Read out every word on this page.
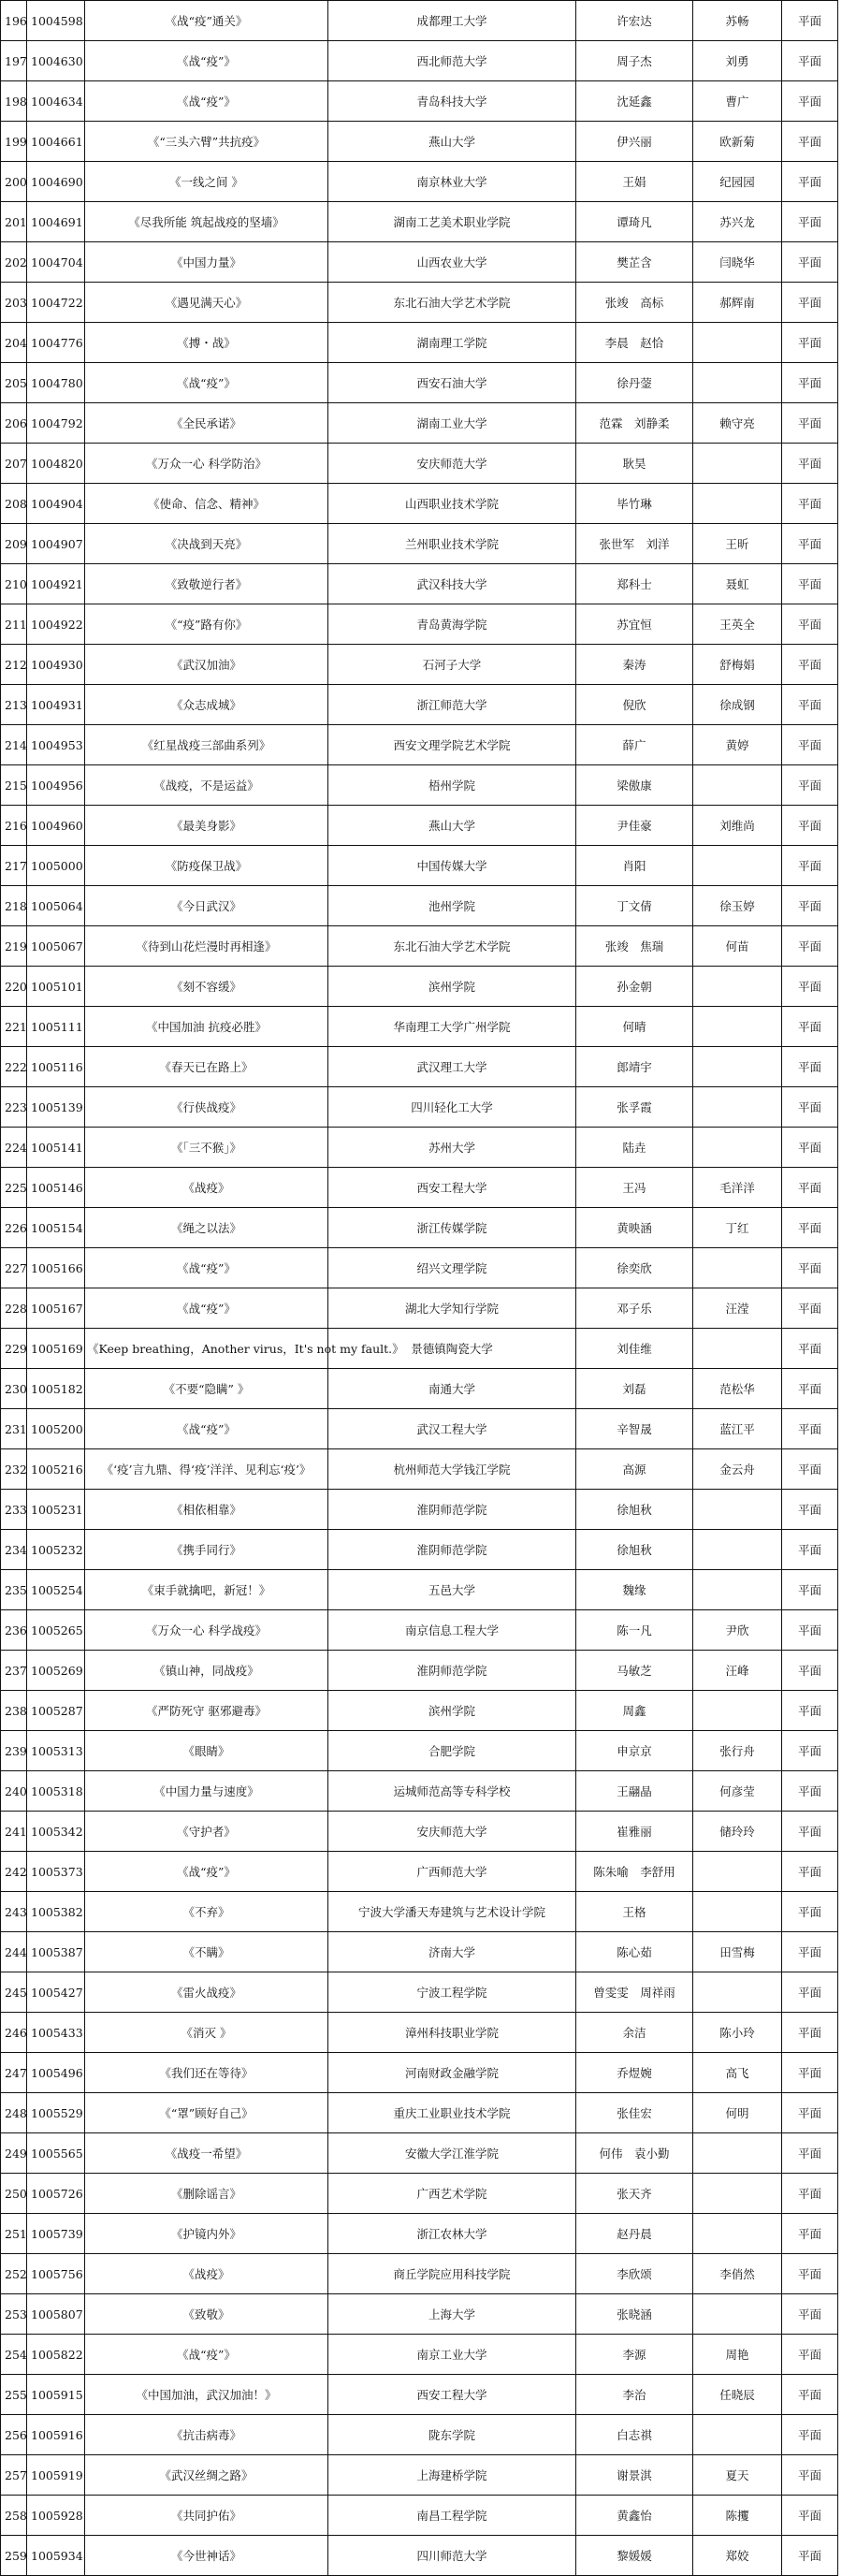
196	1004598	《战“疫”通关》	成都理工大学	许宏达	苏畅	平面
197	1004630	《战“疫”》	西北师范大学	周子杰	刘勇	平面
198	1004634	《战“疫”》	青岛科技大学	沈延鑫	曹广	平面
199	1004661	《“三头六臂”共抗疫》	燕山大学	伊兴丽	欧新菊	平面
200	1004690	《一线之间 》	南京林业大学	王娟	纪园园	平面
201	1004691	《尽我所能 筑起战疫的坚墙》	湖南工艺美术职业学院	谭琦凡	苏兴龙	平面
202	1004704	《中国力量》	山西农业大学	樊芷含	闫晓华	平面
203	1004722	《遇见满天心》	东北石油大学艺术学院	张竣　高标	郝辉南	平面
204	1004776	《搏・战》	湖南理工学院	李晨　赵恰		平面
205	1004780	《战“疫”》	西安石油大学	徐丹蓥		平面
206	1004792	《全民承诺》	湖南工业大学	范霖　刘静柔	赖守亮	平面
207	1004820	《万众一心 科学防治》	安庆师范大学	耿昊		平面
208	1004904	《使命、信念、精神》	山西职业技术学院	毕竹琳		平面
209	1004907	《决战到天亮》	兰州职业技术学院	张世军　刘洋	王昕	平面
210	1004921	《致敬逆行者》	武汉科技大学	郑科士	聂虹	平面
211	1004922	《“疫”路有你》	青岛黄海学院	苏宜恒	王英全	平面
212	1004930	《武汉加油》	石河子大学	秦涛	舒梅娟	平面
213	1004931	《众志成城》	浙江师范大学	倪欣	徐成钢	平面
214	1004953	《红星战疫三部曲系列》	西安文理学院艺术学院	薛广	黄婷	平面
215	1004956	《战疫，不是运益》	梧州学院	梁傲康		平面
216	1004960	《最美身影》	燕山大学	尹佳豪	刘维尚	平面
217	1005000	《防疫保卫战》	中国传媒大学	肖阳		平面
218	1005064	《今日武汉》	池州学院	丁文倩	徐玉婷	平面
219	1005067	《待到山花烂漫时再相逢》	东北石油大学艺术学院	张竣　焦瑞	何苗	平面
220	1005101	《刻不容缓》	滨州学院	孙金朝		平面
221	1005111	《中国加油 抗疫必胜》	华南理工大学广州学院	何晴		平面
222	1005116	《春天已在路上》	武汉理工大学	郎靖宇		平面
223	1005139	《行侠战疫》	四川轻化工大学	张孚霞		平面
224	1005141	《「三不猴」》	苏州大学	陆垚		平面
225	1005146	《战疫》	西安工程大学	王冯	毛洋洋	平面
226	1005154	《绳之以法》	浙江传媒学院	黄映涵	丁红	平面
227	1005166	《战“疫”》	绍兴文理学院	徐奕欣		平面
228	1005167	《战“疫”》	湖北大学知行学院	邓子乐	汪滢	平面
229	1005169	《Keep breathing，Another virus，It's not my fault.》	景德镇陶瓷大学	刘佳维		平面
230	1005182	《不要“隐瞒” 》	南通大学	刘磊	范松华	平面
231	1005200	《战“疫”》	武汉工程大学	辛智晟	蓝江平	平面
232	1005216	《‘疫’言九鼎、得‘疫’洋洋、见利忘‘疫’》	杭州师范大学钱江学院	高源	金云舟	平面
233	1005231	《相依相靠》	淮阴师范学院	徐旭秋		平面
234	1005232	《携手同行》	淮阴师范学院	徐旭秋		平面
235	1005254	《束手就擒吧，新冠！》	五邑大学	魏缘		平面
236	1005265	《万众一心 科学战疫》	南京信息工程大学	陈一凡	尹欣	平面
237	1005269	《镇山神，同战疫》	淮阴师范学院	马敏芝	汪峰	平面
238	1005287	《严防死守 驱邪避毒》	滨州学院	周鑫		平面
239	1005313	《眼睛》	合肥学院	申京京	张行舟	平面
240	1005318	《中国力量与速度》	运城师范高等专科学校	王翮晶	何彦莹	平面
241	1005342	《守护者》	安庆师范大学	崔雅丽	储玲玲	平面
242	1005373	《战“疫”》	广西师范大学	陈朱喻　李舒用		平面
243	1005382	《不弃》	宁波大学潘天寿建筑与艺术设计学院	王格		平面
244	1005387	《不瞒》	济南大学	陈心茹	田雪梅	平面
245	1005427	《雷火战疫》	宁波工程学院	曾雯雯　周祥雨		平面
246	1005433	《消灭 》	漳州科技职业学院	余洁	陈小玲	平面
247	1005496	《我们还在等待》	河南财政金融学院	乔煜婉	高飞	平面
248	1005529	《“罩”顾好自己》	重庆工业职业技术学院	张佳宏	何明	平面
249	1005565	《战疫一希望》	安徽大学江淮学院	何伟　袁小勤		平面
250	1005726	《删除谣言》	广西艺术学院	张天齐		平面
251	1005739	《护镜内外》	浙江农林大学	赵丹晨		平面
252	1005756	《战疫》	商丘学院应用科技学院	李欣颂	李俏然	平面
253	1005807	《致敬》	上海大学	张晓涵		平面
254	1005822	《战“疫”》	南京工业大学	李源	周艳	平面
255	1005915	《中国加油，武汉加油！》	西安工程大学	李治	任晓辰	平面
256	1005916	《抗击病毒》	陇东学院	白志祺		平面
257	1005919	《武汉丝绸之路》	上海建桥学院	谢景淇	夏天	平面
258	1005928	《共同护佑》	南昌工程学院	黄鑫怡	陈攫	平面
259	1005934	《今世神话》	四川师范大学	黎媛媛	郑姣	平面
